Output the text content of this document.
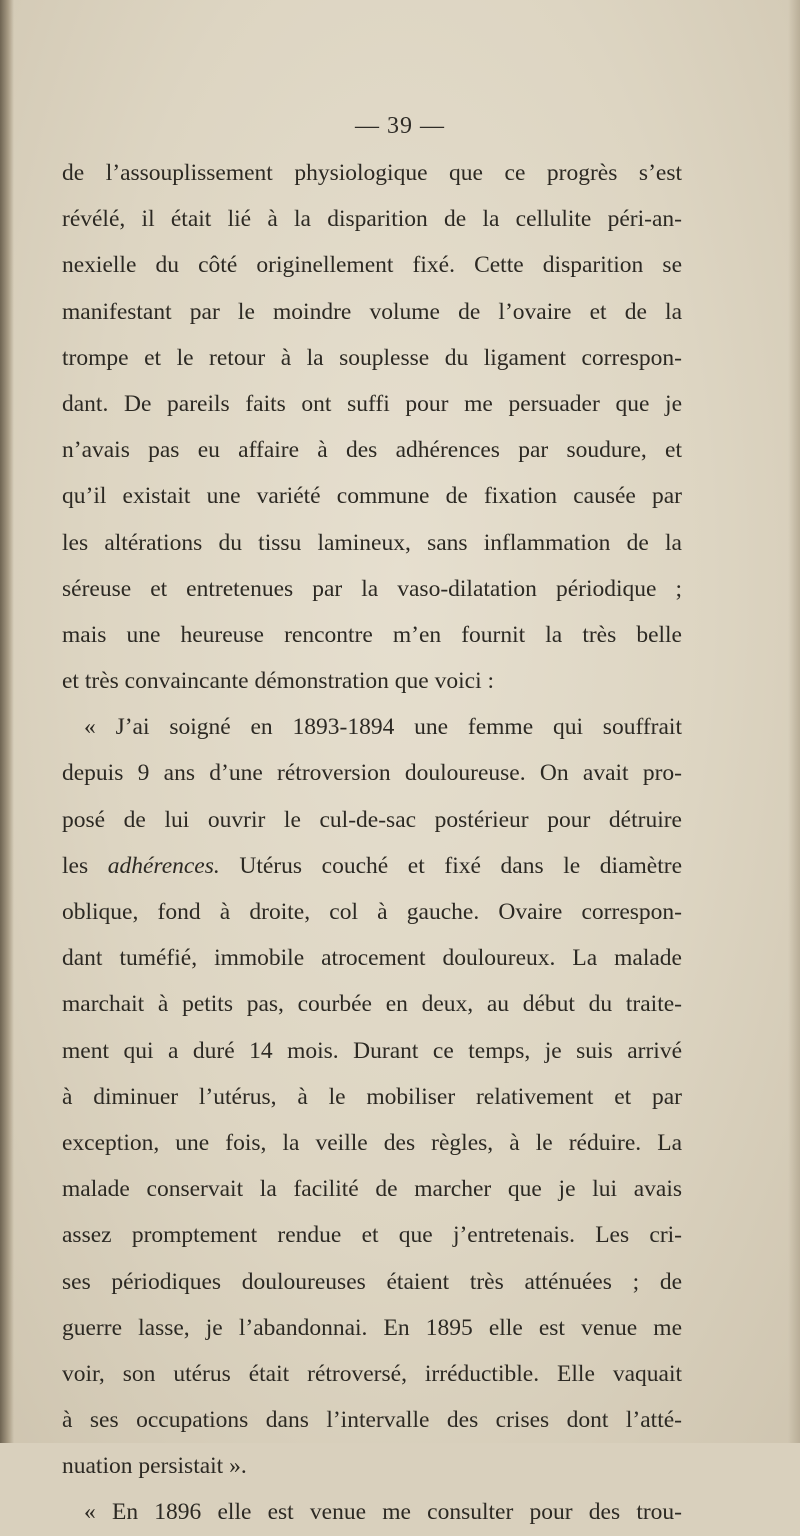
— 39 —
de l’assouplissement physiologique que ce progrès s’est
révélé, il était lié à la disparition de la cellulite péri-an-
nexielle du côté originellement fixé. Cette disparition se
manifestant par le moindre volume de l’ovaire et de la
trompe et le retour à la souplesse du ligament correspon-
dant. De pareils faits ont suffi pour me persuader que je
n’avais pas eu affaire à des adhérences par soudure, et
qu’il existait une variété commune de fixation causée par
les altérations du tissu lamineux, sans inflammation de la
séreuse et entretenues par la vaso-dilatation périodique ;
mais une heureuse rencontre m’en fournit la très belle
et très convaincante démonstration que voici :
« J’ai soigné en 1893-1894 une femme qui souffrait
depuis 9 ans d’une rétroversion douloureuse. On avait pro-
posé de lui ouvrir le cul-de-sac postérieur pour détruire
les adhérences. Utérus couché et fixé dans le diamètre
oblique, fond à droite, col à gauche. Ovaire correspon-
dant tuméfié, immobile atrocement douloureux. La malade
marchait à petits pas, courbée en deux, au début du traite-
ment qui a duré 14 mois. Durant ce temps, je suis arrivé
à diminuer l’utérus, à le mobiliser relativement et par
exception, une fois, la veille des règles, à le réduire. La
malade conservait la facilité de marcher que je lui avais
assez promptement rendue et que j’entretenais. Les cri-
ses périodiques douloureuses étaient très atténuées ; de
guerre lasse, je l’abandonnai. En 1895 elle est venue me
voir, son utérus était rétroversé, irréductible. Elle vaquait
à ses occupations dans l’intervalle des crises dont l’atté-
nuation persistait ».
« En 1896 elle est venue me consulter pour des trou-
